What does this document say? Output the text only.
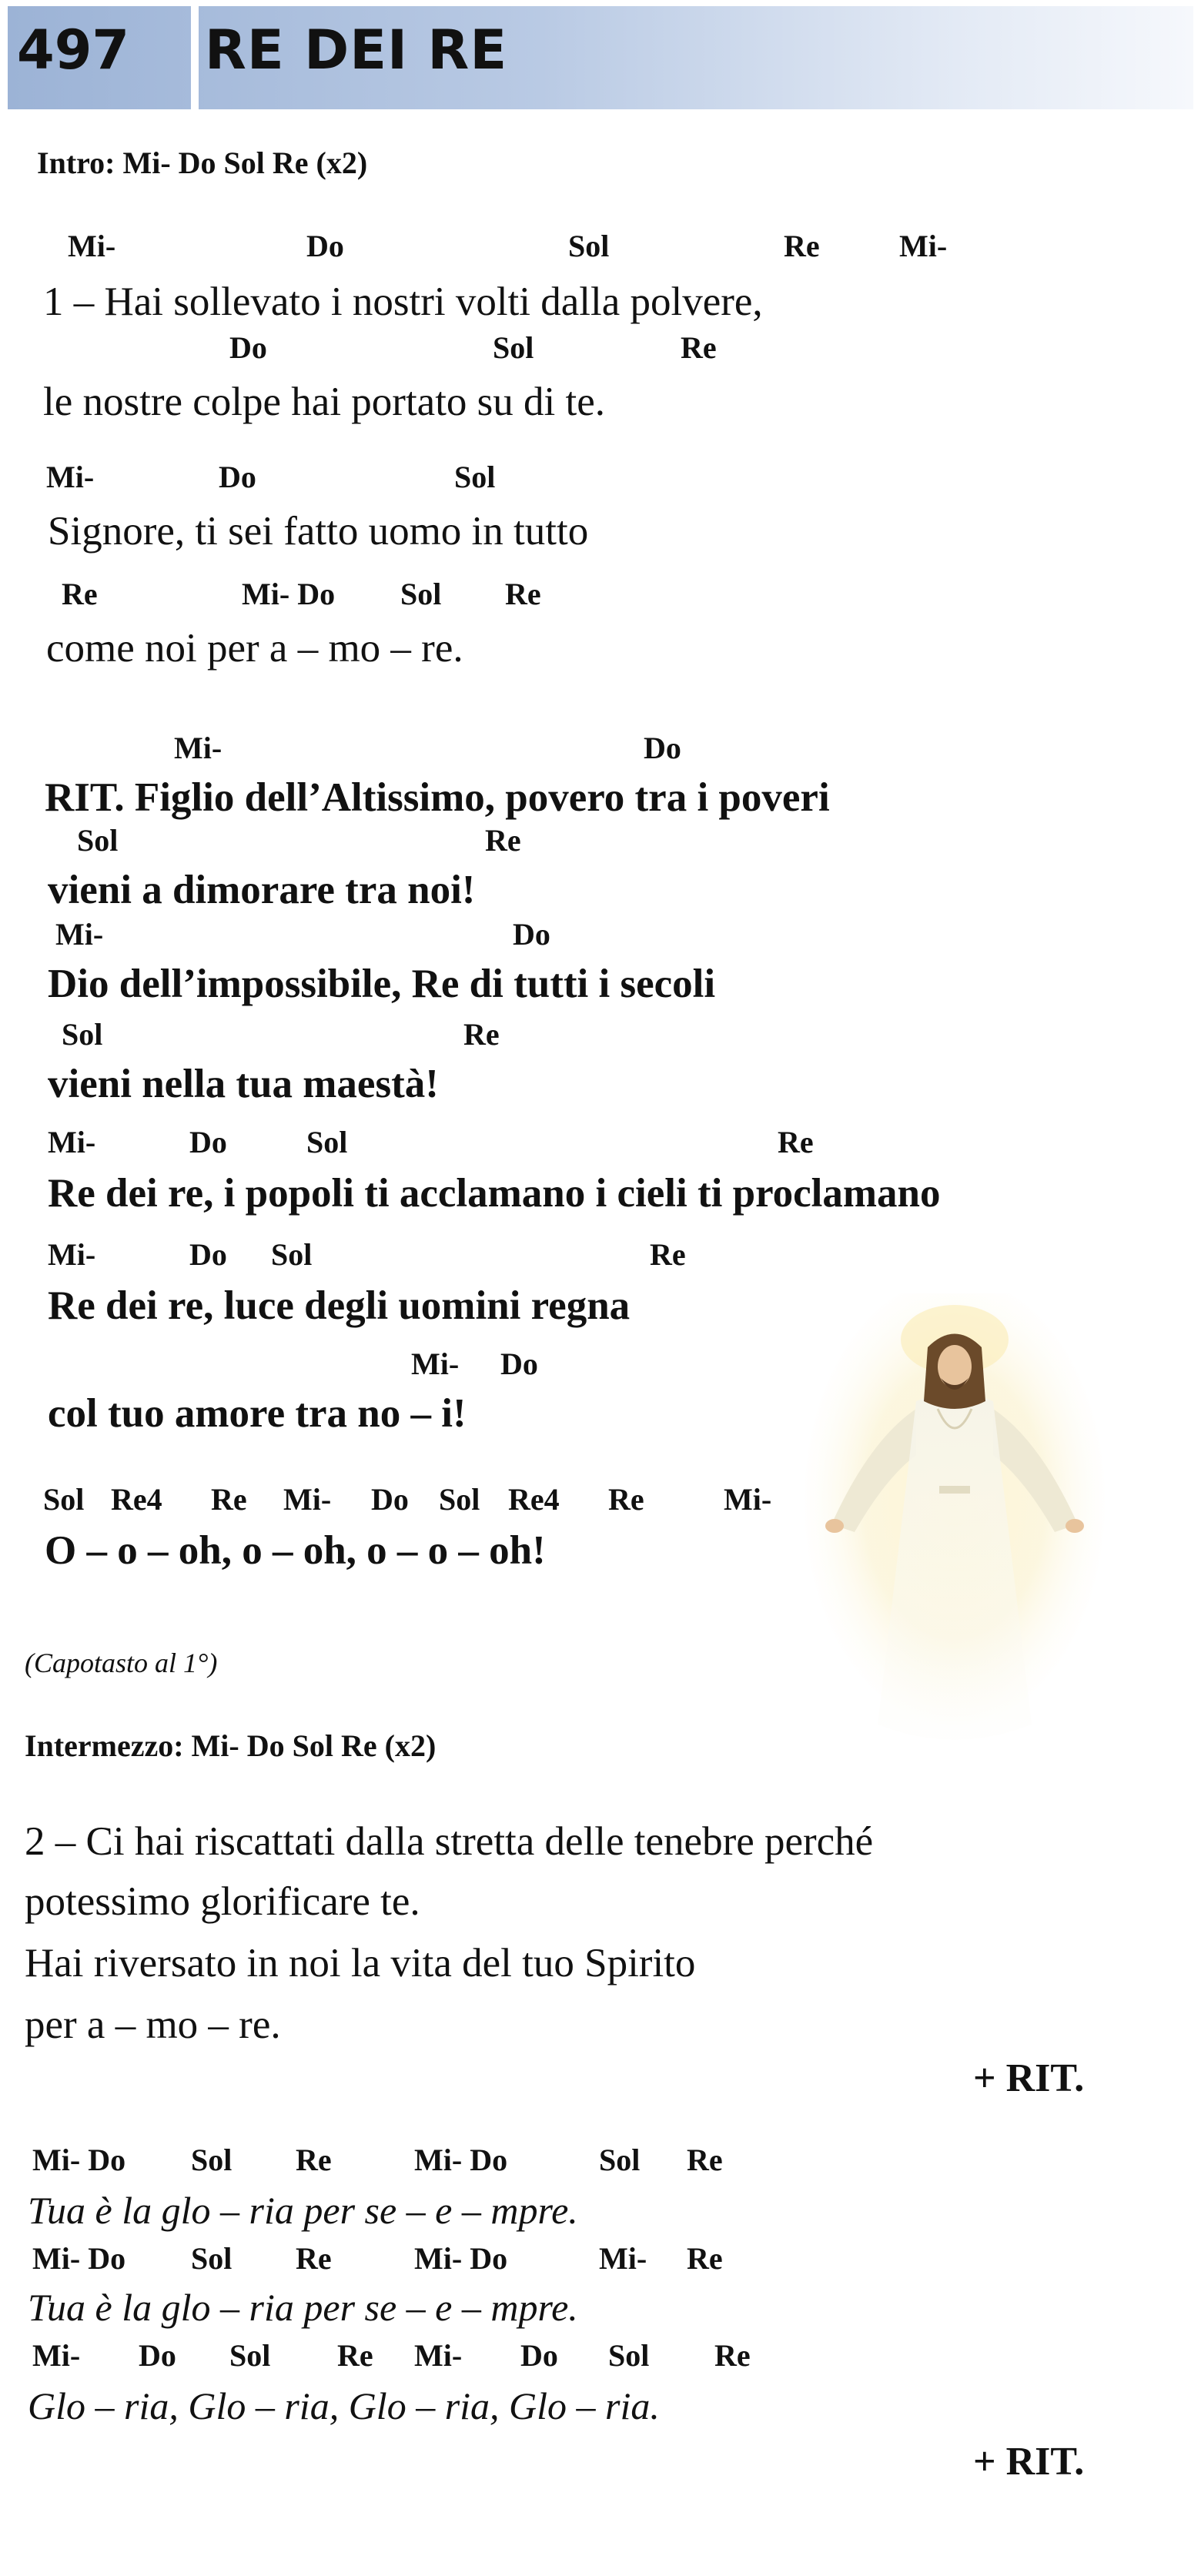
497 RE DEI RE
Intro: Mi- Do Sol Re (x2)
Mi-	Do	Sol	Re	Mi-
1 – Hai sollevato i nostri volti dalla polvere,
Do	Sol	Re
le nostre colpe hai portato su di te.
Mi-	Do	Sol
Signore, ti sei fatto uomo in tutto
Re	Mi- Do Sol Re
come noi per a – mo – re.
Mi-	Do
RIT. Figlio dell’Altissimo, povero tra i poveri
Sol	Re
vieni a dimorare tra noi!
Mi-	Do
Dio dell’impossibile, Re di tutti i secoli
Sol	Re
vieni nella tua maestà!
Mi-	Do	Sol	Re
Re dei re, i popoli ti acclamano i cieli ti proclamano
Mi-	Do Sol	Re
Re dei re, luce degli uomini regna
Mi- Do
col tuo amore tra no – i!
Sol Re4 Re Mi- Do Sol Re4 Re	Mi-
O – o – oh, o – oh, o – o – oh!
(Capotasto al 1°)
Intermezzo: Mi- Do Sol Re (x2)
2 – Ci hai riscattati dalla stretta delle tenebre perché
potessimo glorificare te.
Hai riversato in noi la vita del tuo Spirito
per a – mo – re.
+ RIT.
Mi- Do Sol Re	Mi- Do	Sol Re
Tua è la glo – ria per se – e – mpre.
Mi- Do Sol Re	Mi- Do	Mi- Re
Tua è la glo – ria per se – e – mpre.
Mi- Do Sol Re Mi- Do Sol Re
Glo – ria, Glo – ria, Glo – ria, Glo – ria.
+ RIT.
